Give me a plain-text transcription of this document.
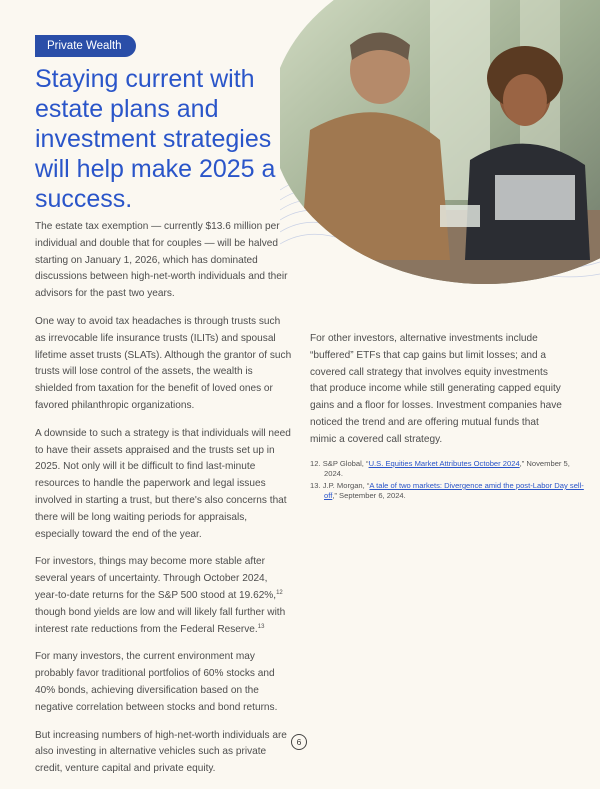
Private Wealth
Staying current with estate plans and investment strategies will help make 2025 a success.

The estate tax exemption — currently $13.6 million per individual and double that for couples — will be halved starting on January 1, 2026, which has dominated discussions between high-net-worth individuals and their advisors for the past two years.

One way to avoid tax headaches is through trusts such as irrevocable life insurance trusts (ILITs) and spousal lifetime asset trusts (SLATs). Although the grantor of such trusts will lose control of the assets, the wealth is shielded from taxation for the benefit of loved ones or favored philanthropic organizations.

A downside to such a strategy is that individuals will need to have their assets appraised and the trusts set up in 2025. Not only will it be difficult to find last-minute resources to handle the paperwork and legal issues involved in starting a trust, but there's also concerns that there will be long waiting periods for appraisals, especially toward the end of the year.

For investors, things may become more stable after several years of uncertainty. Through October 2024, year-to-date returns for the S&P 500 stood at 19.62%,$^{12}$ though bond yields are low and will likely fall further with interest rate reductions from the Federal Reserve.$^{13}$

For many investors, the current environment may probably favor traditional portfolios of 60% stocks and 40% bonds, achieving diversification based on the negative correlation between stocks and bond returns.

But increasing numbers of high-net-worth individuals are also investing in alternative vehicles such as private credit, venture capital and private equity.

For other investors, alternative investments include “buffered” ETFs that cap gains but limit losses; and a covered call strategy that involves equity investments that produce income while still generating capped equity gains and a floor for losses. Investment companies have noticed the trend and are offering mutual funds that mimic a covered call strategy.

12. S&P Global, “U.S. Equities Market Attributes October 2024,” November 5, 2024.
13. J.P. Morgan, “A tale of two markets: Divergence amid the post-Labor Day sell-off,” September 6, 2024.
6
